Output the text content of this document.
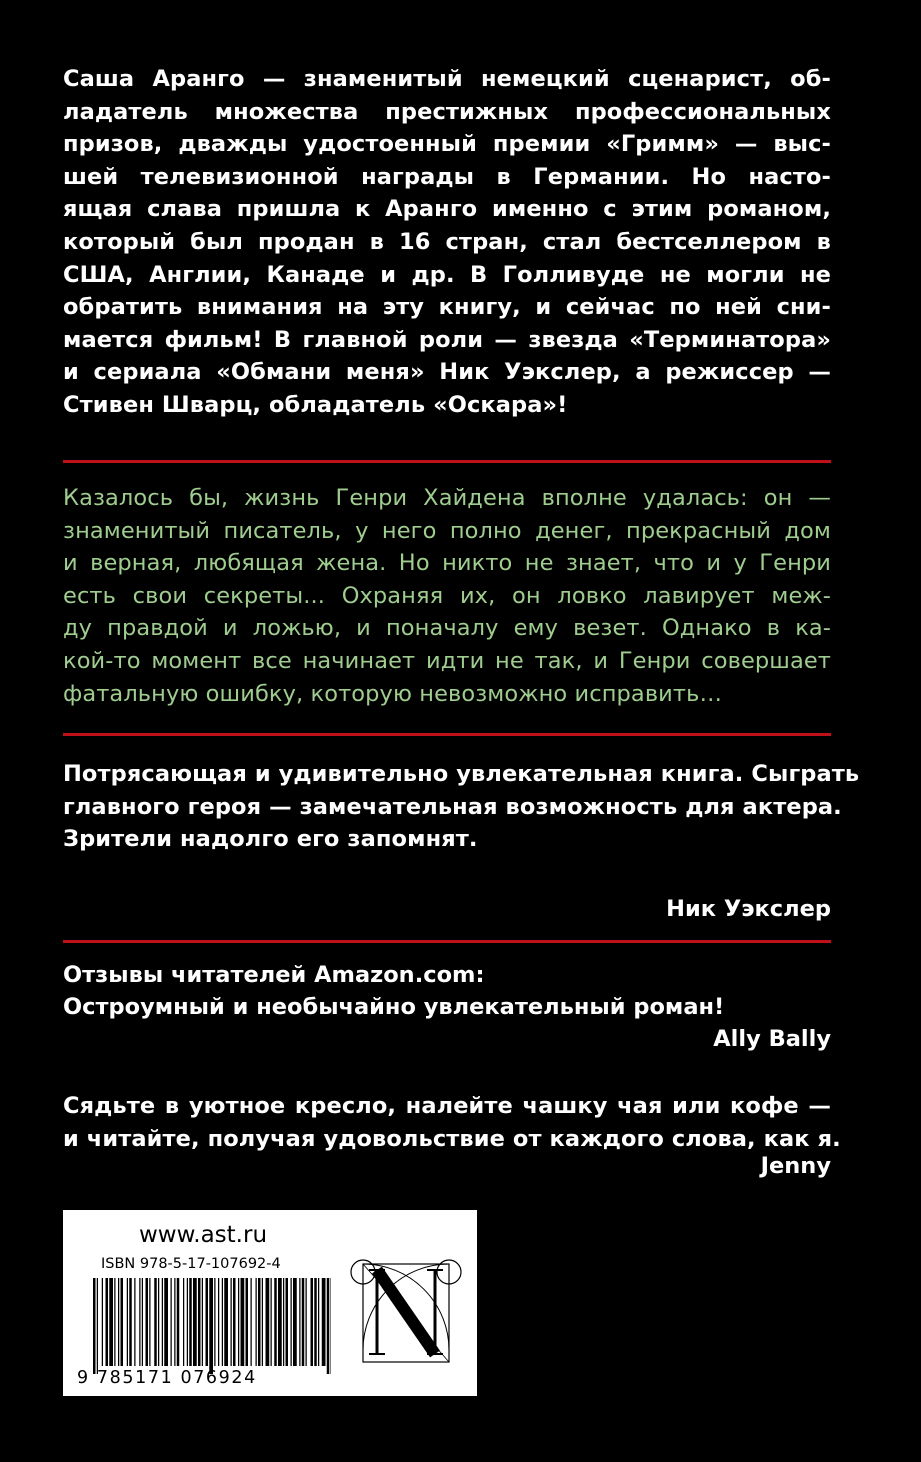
Саша Аранго — знаменитый немецкий сценарист, об-
ладатель множества престижных профессиональных
призов, дважды удостоенный премии «Гримм» — выс-
шей телевизионной награды в Германии. Но насто-
ящая слава пришла к Аранго именно с этим романом,
который был продан в 16 стран, стал бестселлером в
США, Англии, Канаде и др. В Голливуде не могли не
обратить внимания на эту книгу, и сейчас по ней сни-
мается фильм! В главной роли — звезда «Терминатора»
и сериала «Обмани меня» Ник Уэкслер, а режиссер —
Стивен Шварц, обладатель «Оскара»!
Казалось бы, жизнь Генри Хайдена вполне удалась: он —
знаменитый писатель, у него полно денег, прекрасный дом
и верная, любящая жена. Но никто не знает, что и у Генри
есть свои секреты... Охраняя их, он ловко лавирует меж-
ду правдой и ложью, и поначалу ему везет. Однако в ка-
кой-то момент все начинает идти не так, и Генри совершает
фатальную ошибку, которую невозможно исправить…
Потрясающая и удивительно увлекательная книга. Сыграть
главного героя — замечательная возможность для актера.
Зрители надолго его запомнят.
Ник Уэкслер
Отзывы читателей Amazon.com:
Остроумный и необычайно увлекательный роман!
Ally Bally
Сядьте в уютное кресло, налейте чашку чая или кофе —
и читайте, получая удовольствие от каждого слова, как я.
Jenny
www.ast.ru
ISBN 978-5-17-107692-4
9 785171 076924
